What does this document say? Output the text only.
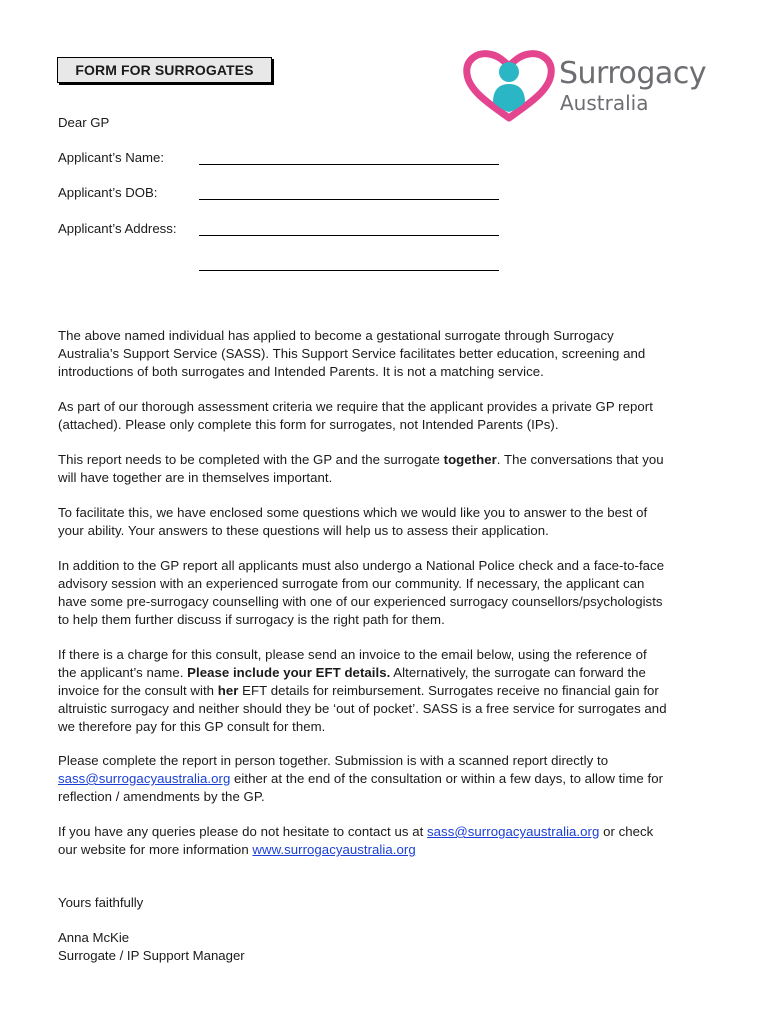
FORM FOR SURROGATES	Surrogacy
Australia
Dear GP
Applicant’s Name:
Applicant’s DOB:
Applicant’s Address:
The above named individual has applied to become a gestational surrogate through Surrogacy
Australia’s Support Service (SASS). This Support Service facilitates better education, screening and
introductions of both surrogates and Intended Parents. It is not a matching service.
As part of our thorough assessment criteria we require that the applicant provides a private GP report
(attached). Please only complete this form for surrogates, not Intended Parents (IPs).
This report needs to be completed with the GP and the surrogate together. The conversations that you
will have together are in themselves important.
To facilitate this, we have enclosed some questions which we would like you to answer to the best of
your ability. Your answers to these questions will help us to assess their application.
In addition to the GP report all applicants must also undergo a National Police check and a face-to-face
advisory session with an experienced surrogate from our community. If necessary, the applicant can
have some pre-surrogacy counselling with one of our experienced surrogacy counsellors/psychologists
to help them further discuss if surrogacy is the right path for them.
If there is a charge for this consult, please send an invoice to the email below, using the reference of
the applicant’s name. Please include your EFT details. Alternatively, the surrogate can forward the
invoice for the consult with her EFT details for reimbursement. Surrogates receive no financial gain for
altruistic surrogacy and neither should they be ‘out of pocket’. SASS is a free service for surrogates and
we therefore pay for this GP consult for them.
Please complete the report in person together. Submission is with a scanned report directly to
sass@surrogacyaustralia.org either at the end of the consultation or within a few days, to allow time for
reflection / amendments by the GP.
If you have any queries please do not hesitate to contact us at sass@surrogacyaustralia.org or check
our website for more information www.surrogacyaustralia.org
Yours faithfully
Anna McKie
Surrogate / IP Support Manager
